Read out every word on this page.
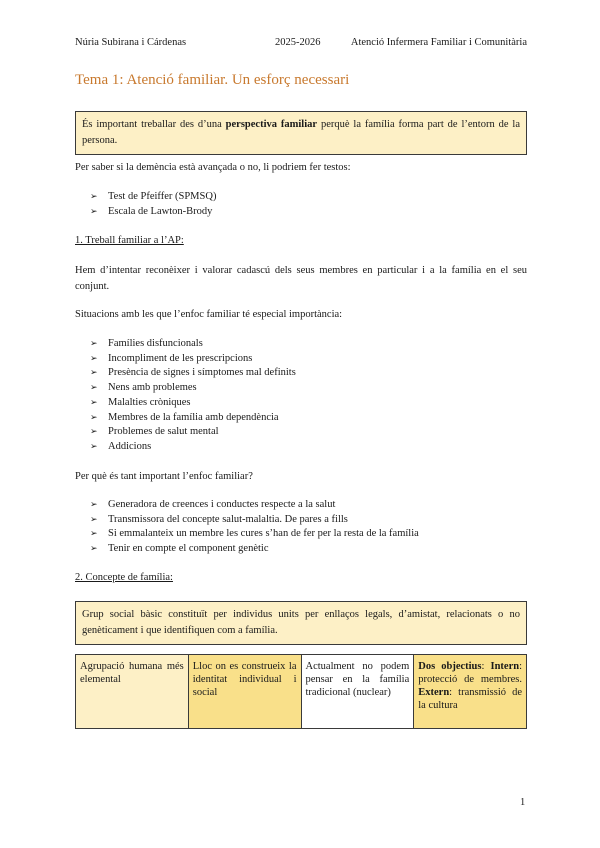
Núria Subirana i Cárdenas	2025-2026	Atenció Infermera Familiar i Comunitària
Tema 1: Atenció familiar. Un esforç necessari
És important treballar des d’una perspectiva familiar perquè la família forma part de l’entorn de la persona.

Per saber si la demència està avançada o no, li podriem fer testos:

➢ Test de Pfeiffer (SPMSQ)
➢ Escala de Lawton-Brody

1. Treball familiar a l’AP:

Hem d’intentar reconèixer i valorar cadascú dels seus membres en particular i a la família en el seu conjunt.

Situacions amb les que l’enfoc familiar té especial importància:

➢ Famílies disfuncionals
➢ Incompliment de les prescripcions
➢ Presència de signes i símptomes mal definits
➢ Nens amb problemes
➢ Malalties cròniques
➢ Membres de la família amb dependència
➢ Problemes de salut mental
➢ Addicions

Per què és tant important l’enfoc familiar?

➢ Generadora de creences i conductes respecte a la salut
➢ Transmissora del concepte salut-malaltia. De pares a fills
➢ Si emmalanteix un membre les cures s’han de fer per la resta de la família
➢ Tenir en compte el component genètic

2. Concepte de família:

Grup social bàsic constituït per individus units per enllaços legals, d’amistat, relacionats o no genèticament i que identifiquen com a família.
Agrupació humana més elemental	Lloc on es construeix la identitat individual i social	Actualment no podem pensar en la família tradicional (nuclear)	Dos objectius: Intern: protecció de membres. Extern: transmissió de la cultura
1
